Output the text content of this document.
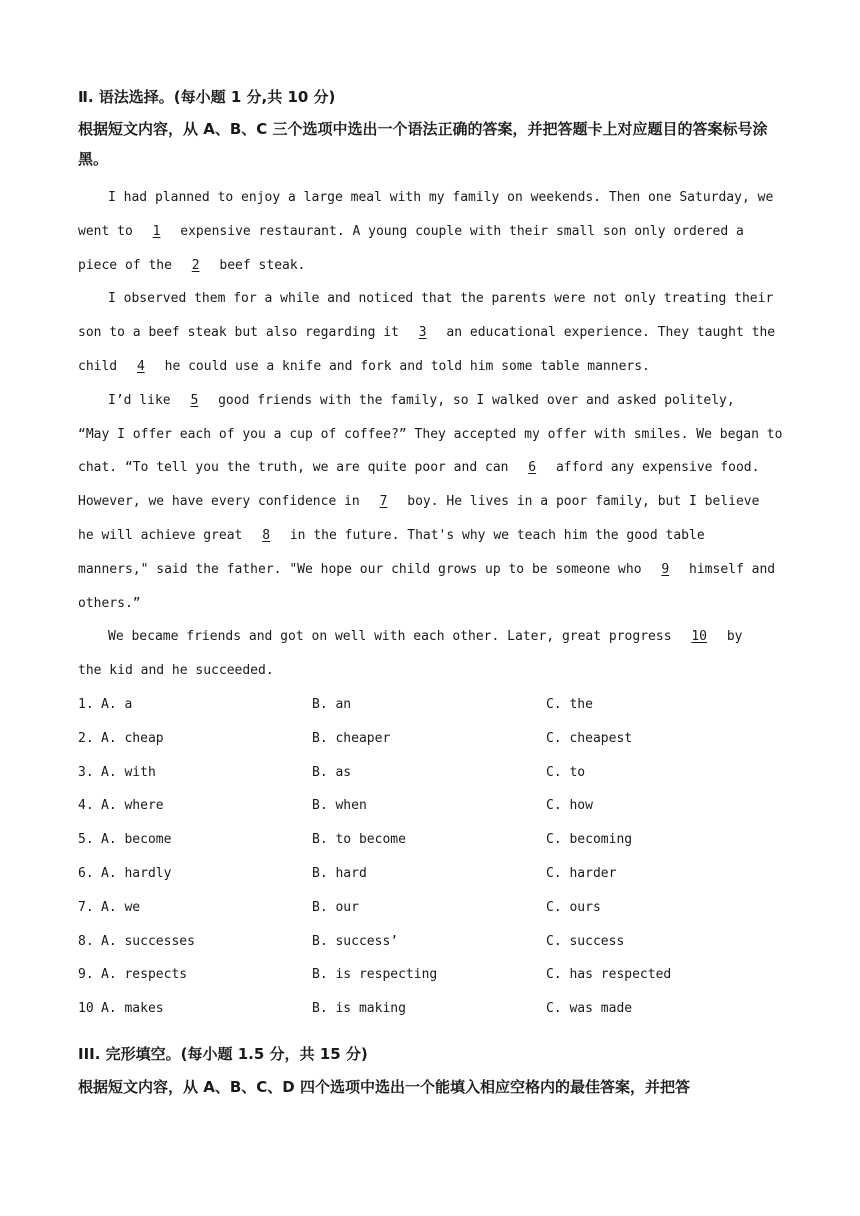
Ⅱ. 语法选择。(每小题 1 分,共 10 分)
根据短文内容，从 A、B、C 三个选项中选出一个语法正确的答案，并把答题卡上对应题目的答案标号涂黑。
I had planned to enjoy a large meal with my family on weekends. Then one Saturday, we
went to 1 expensive restaurant. A young couple with their small son only ordered a
piece of the 2 beef steak.
I observed them for a while and noticed that the parents were not only treating their
son to a beef steak but also regarding it 3 an educational experience. They taught the
child 4 he could use a knife and fork and told him some table manners.
I’d like 5 good friends with the family, so I walked over and asked politely,
“May I offer each of you a cup of coffee?” They accepted my offer with smiles. We began to
chat. “To tell you the truth, we are quite poor and can 6 afford any expensive food.
However, we have every confidence in 7 boy. He lives in a poor family, but I believe
he will achieve great 8 in the future. That's why we teach him the good table
manners," said the father. "We hope our child grows up to be someone who 9 himself and
others.”
We became friends and got on well with each other. Later, great progress 10 by
the kid and he succeeded.
1. A. a	B. an	C. the
2. A. cheap	B. cheaper	C. cheapest
3. A. with	B. as	C. to
4. A. where	B. when	C. how
5. A. become	B. to become	C. becoming
6. A. hardly	B. hard	C. harder
7. A. we	B. our	C. ours
8. A. successes	B. success’	C. success
9. A. respects	B. is respecting	C. has respected
10 A. makes	B. is making	C. was made
III. 完形填空。(每小题 1.5 分，共 15 分)
根据短文内容，从 A、B、C、D 四个选项中选出一个能填入相应空格内的最佳答案，并把答
